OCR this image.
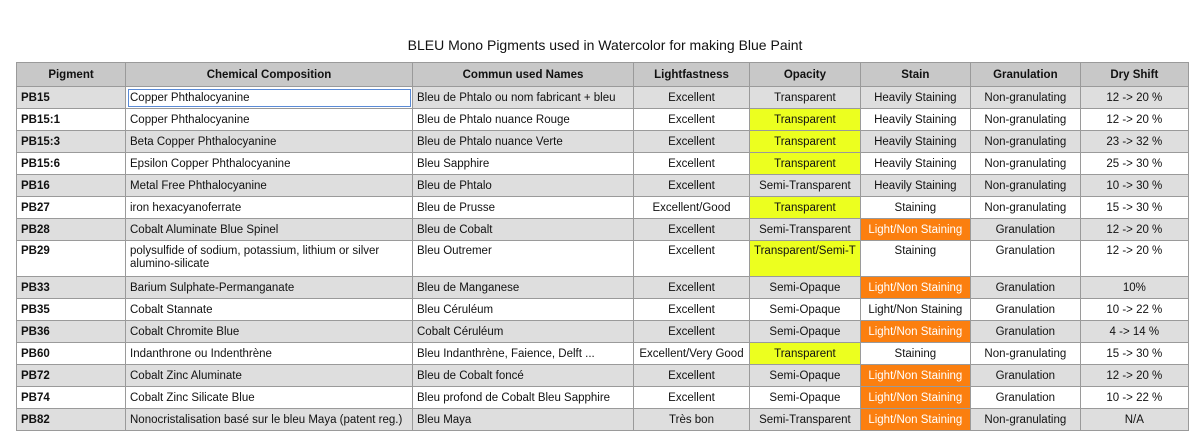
BLEU Mono Pigments used in Watercolor for making Blue Paint
Pigment	Chemical Composition	Commun used Names	Lightfastness	Opacity	Stain	Granulation	Dry Shift
PB15	Copper Phthalocyanine	Bleu de Phtalo ou nom fabricant + bleu	Excellent	Transparent	Heavily Staining	Non-granulating	12 -> 20 %
PB15:1	Copper Phthalocyanine	Bleu de Phtalo nuance Rouge	Excellent	Transparent	Heavily Staining	Non-granulating	12 -> 20 %
PB15:3	Beta Copper Phthalocyanine	Bleu de Phtalo nuance Verte	Excellent	Transparent	Heavily Staining	Non-granulating	23 -> 32 %
PB15:6	Epsilon Copper Phthalocyanine	Bleu Sapphire	Excellent	Transparent	Heavily Staining	Non-granulating	25 -> 30 %
PB16	Metal Free Phthalocyanine	Bleu de Phtalo	Excellent	Semi-Transparent	Heavily Staining	Non-granulating	10 -> 30 %
PB27	iron hexacyanoferrate	Bleu de Prusse	Excellent/Good	Transparent	Staining	Non-granulating	15 -> 30 %
PB28	Cobalt Aluminate Blue Spinel	Bleu de Cobalt	Excellent	Semi-Transparent	Light/Non Staining	Granulation	12 -> 20 %
PB29	polysulfide of sodium, potassium, lithium or silver alumino-silicate	Bleu Outremer	Excellent	Transparent/Semi-T	Staining	Granulation	12 -> 20 %
PB33	Barium Sulphate-Permanganate	Bleu de Manganese	Excellent	Semi-Opaque	Light/Non Staining	Granulation	10%
PB35	Cobalt Stannate	Bleu Céruléum	Excellent	Semi-Opaque	Light/Non Staining	Granulation	10 -> 22 %
PB36	Cobalt Chromite Blue	Cobalt Céruléum	Excellent	Semi-Opaque	Light/Non Staining	Granulation	4 -> 14 %
PB60	Indanthrone ou Indenthrène	Bleu Indanthrène, Faience, Delft ...	Excellent/Very Good	Transparent	Staining	Non-granulating	15 -> 30 %
PB72	Cobalt Zinc Aluminate	Bleu de Cobalt foncé	Excellent	Semi-Opaque	Light/Non Staining	Granulation	12 -> 20 %
PB74	Cobalt Zinc Silicate Blue	Bleu profond de Cobalt Bleu Sapphire	Excellent	Semi-Opaque	Light/Non Staining	Granulation	10 -> 22 %
PB82	Nonocristalisation basé sur le bleu Maya (patent reg.)	Bleu Maya	Très bon	Semi-Transparent	Light/Non Staining	Non-granulating	N/A
